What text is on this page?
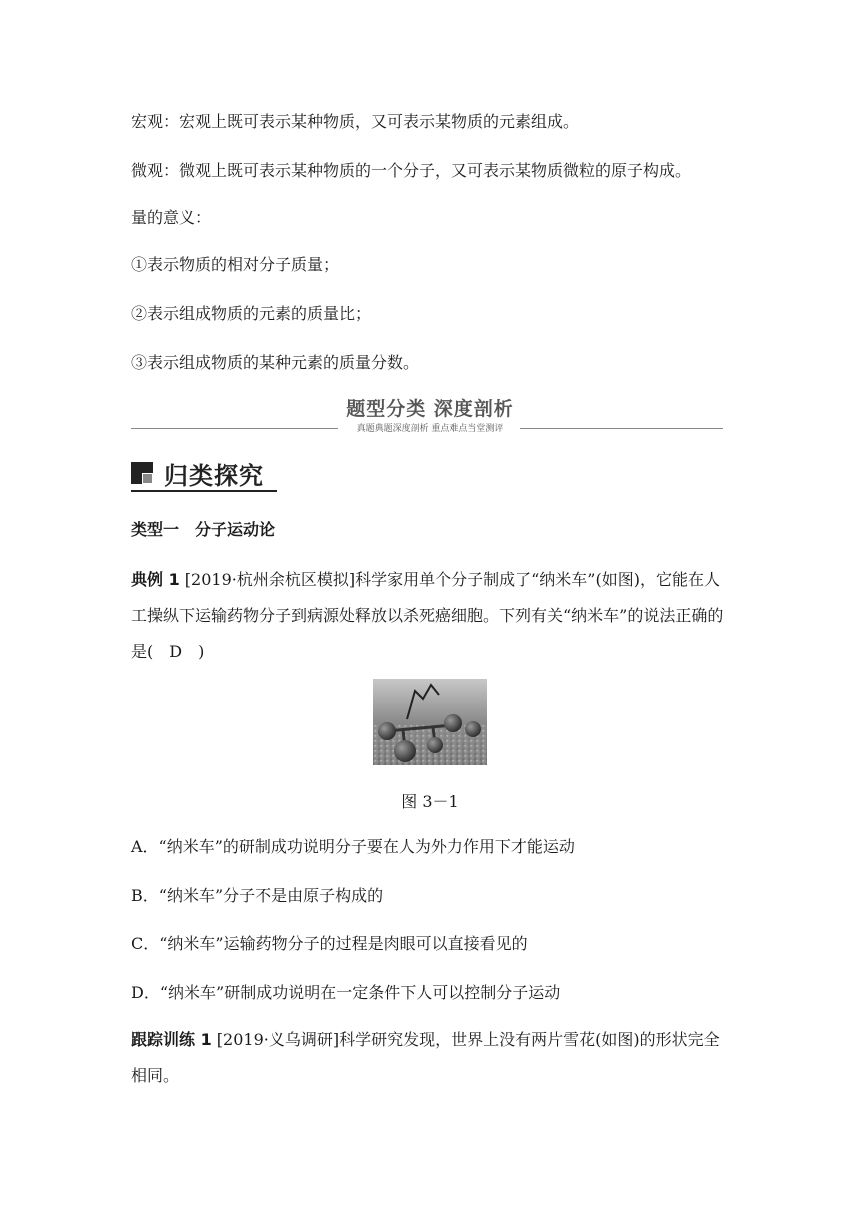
宏观：宏观上既可表示某种物质，又可表示某物质的元素组成。
微观：微观上既可表示某种物质的一个分子，又可表示某物质微粒的原子构成。
量的意义：
①表示物质的相对分子质量；
②表示组成物质的元素的质量比；
③表示组成物质的某种元素的质量分数。
题型分类 深度剖析
真题典题深度剖析 重点难点当堂测评
归类探究
类型一　分子运动论
典例 1 [2019·杭州余杭区模拟]科学家用单个分子制成了“纳米车”(如图)，它能在人工操纵下运输药物分子到病源处释放以杀死癌细胞。下列有关“纳米车”的说法正确的是(　D　)
图 3－1
A．“纳米车”的研制成功说明分子要在人为外力作用下才能运动
B．“纳米车”分子不是由原子构成的
C．“纳米车”运输药物分子的过程是肉眼可以直接看见的
D．“纳米车”研制成功说明在一定条件下人可以控制分子运动
跟踪训练 1 [2019·义乌调研]科学研究发现，世界上没有两片雪花(如图)的形状完全相同。
